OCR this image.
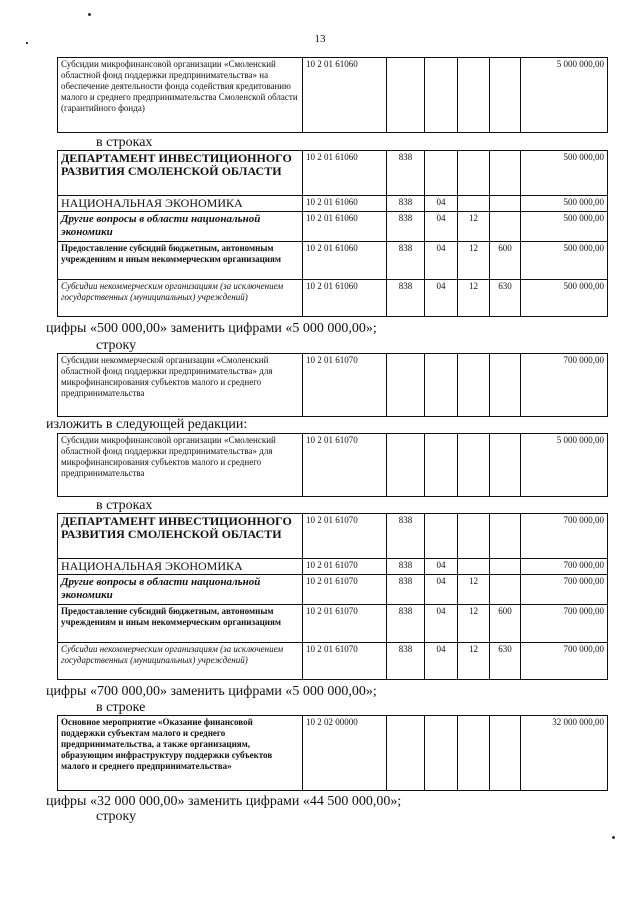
13
Субсидии микрофинансовой организации «Смоленский областной фонд поддержки предпринимательства» на обеспечение деятельности фонда содействия кредитованию малого и среднего предпринимательства Смоленской области (гарантийного фонда)	10 2 01 61060					5 000 000,00
в строках
ДЕПАРТАМЕНТ ИНВЕСТИЦИОННОГО РАЗВИТИЯ СМОЛЕНСКОЙ ОБЛАСТИ	10 2 01 61060	838				500 000,00
НАЦИОНАЛЬНАЯ ЭКОНОМИКА	10 2 01 61060	838	04			500 000,00
Другие вопросы в области национальной экономики	10 2 01 61060	838	04	12		500 000,00
Предоставление субсидий бюджетным, автономным учреждениям и иным некоммерческим организациям	10 2 01 61060	838	04	12	600	500 000,00
Субсидии некоммерческим организациям (за исключением государственных (муниципальных) учреждений)	10 2 01 61060	838	04	12	630	500 000,00
цифры «500 000,00» заменить цифрами «5 000 000,00»;
строку
Субсидии некоммерческой организации «Смоленский областной фонд поддержки предпринимательства» для микрофинансирования субъектов малого и среднего предпринимательства	10 2 01 61070					700 000,00
изложить в следующей редакции:
Субсидии микрофинансовой организации «Смоленский областной фонд поддержки предпринимательства» для микрофинансирования субъектов малого и среднего предпринимательства	10 2 01 61070					5 000 000,00
в строках
ДЕПАРТАМЕНТ ИНВЕСТИЦИОННОГО РАЗВИТИЯ СМОЛЕНСКОЙ ОБЛАСТИ	10 2 01 61070	838				700 000,00
НАЦИОНАЛЬНАЯ ЭКОНОМИКА	10 2 01 61070	838	04			700 000,00
Другие вопросы в области национальной экономики	10 2 01 61070	838	04	12		700 000,00
Предоставление субсидий бюджетным, автономным учреждениям и иным некоммерческим организациям	10 2 01 61070	838	04	12	600	700 000,00
Субсидии некоммерческим организациям (за исключением государственных (муниципальных) учреждений)	10 2 01 61070	838	04	12	630	700 000,00
цифры «700 000,00» заменить цифрами «5 000 000,00»;
в строке
Основное мероприятие «Оказание финансовой поддержки субъектам малого и среднего предпринимательства, а также организациям, образующим инфраструктуру поддержки субъектов малого и среднего предпринимательства»	10 2 02 00000					32 000 000,00
цифры «32 000 000,00» заменить цифрами «44 500 000,00»;
строку
